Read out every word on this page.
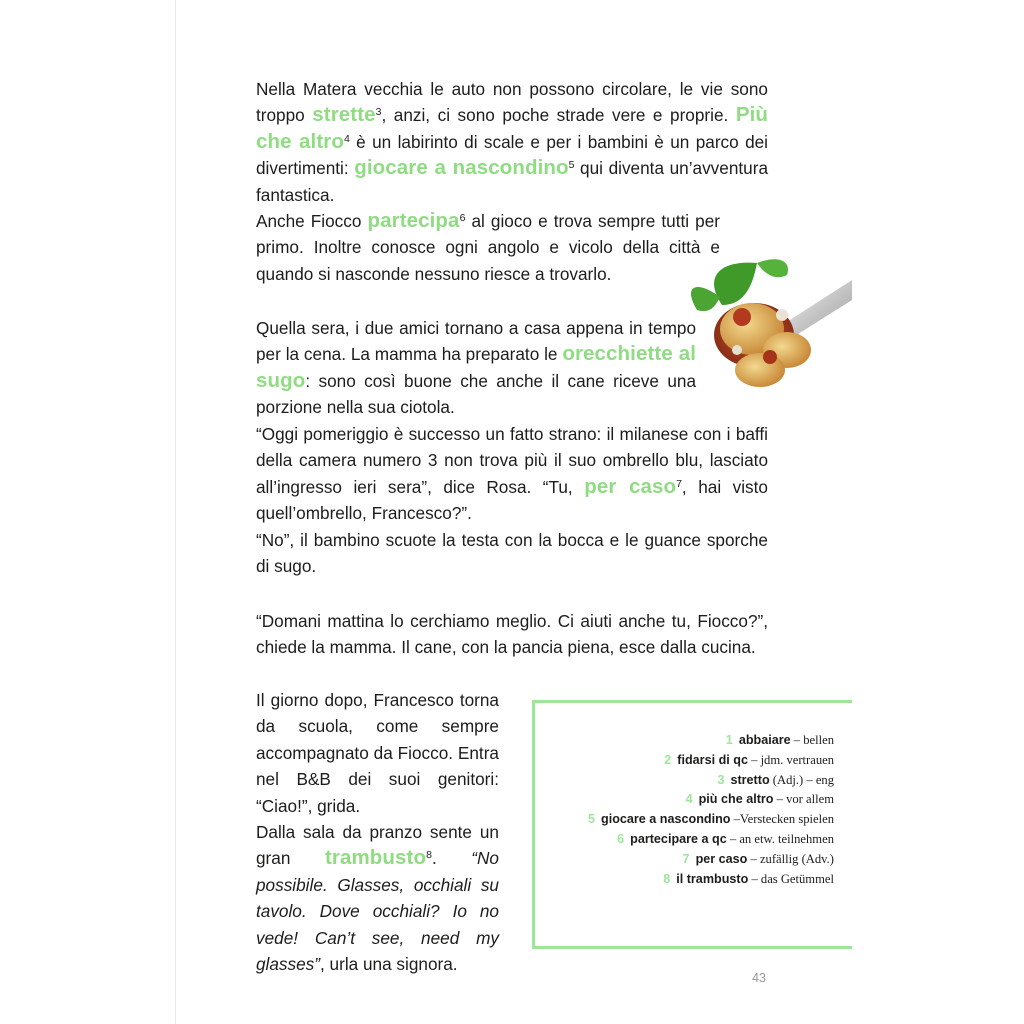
Nella Matera vecchia le auto non possono circolare, le vie sono troppo strette$^3$, anzi, ci sono poche strade vere e proprie. Più che altro$^4$ è un labirinto di scale e per i bambini è un parco dei divertimenti: giocare a nascondino$^5$ qui diventa un’avventura fantastica.

Anche Fiocco partecipa$^6$ al gioco e trova sempre tutti per primo. Inoltre conosce ogni angolo e vicolo della città e quando si nasconde nessuno riesce a trovarlo.

Quella sera, i due amici tornano a casa appena in tempo per la cena. La mamma ha preparato le orecchiette al sugo: sono così buone che anche il cane riceve una porzione nella sua ciotola.

“Oggi pomeriggio è successo un fatto strano: il milanese con i baffi della camera numero 3 non trova più il suo ombrello blu, lasciato all’ingresso ieri sera”, dice Rosa. “Tu, per caso$^7$, hai visto quell’ombrello, Francesco?”.

“No”, il bambino scuote la testa con la bocca e le guance sporche di sugo.

“Domani mattina lo cerchiamo meglio. Ci aiuti anche tu, Fiocco?”, chiede la mamma. Il cane, con la pancia piena, esce dalla cucina.

Il giorno dopo, Francesco torna da scuola, come sempre accompagnato da Fiocco. Entra nel B&B dei suoi genitori: “Ciao!”, grida.

Dalla sala da pranzo sente un gran trambusto$^8$. “No possibile. Glasses, occhiali su tavolo. Dove occhiali? Io no vede! Can’t see, need my glasses”, urla una signora.

1 abbaiare – bellen
2 fidarsi di qc – jdm. vertrauen
3 stretto (Adj.) – eng
4 più che altro – vor allem
5 giocare a nascondino –Verstecken spielen
6 partecipare a qc – an etw. teilnehmen
7 per caso – zufällig (Adv.)
8 il trambusto – das Getümmel
43
